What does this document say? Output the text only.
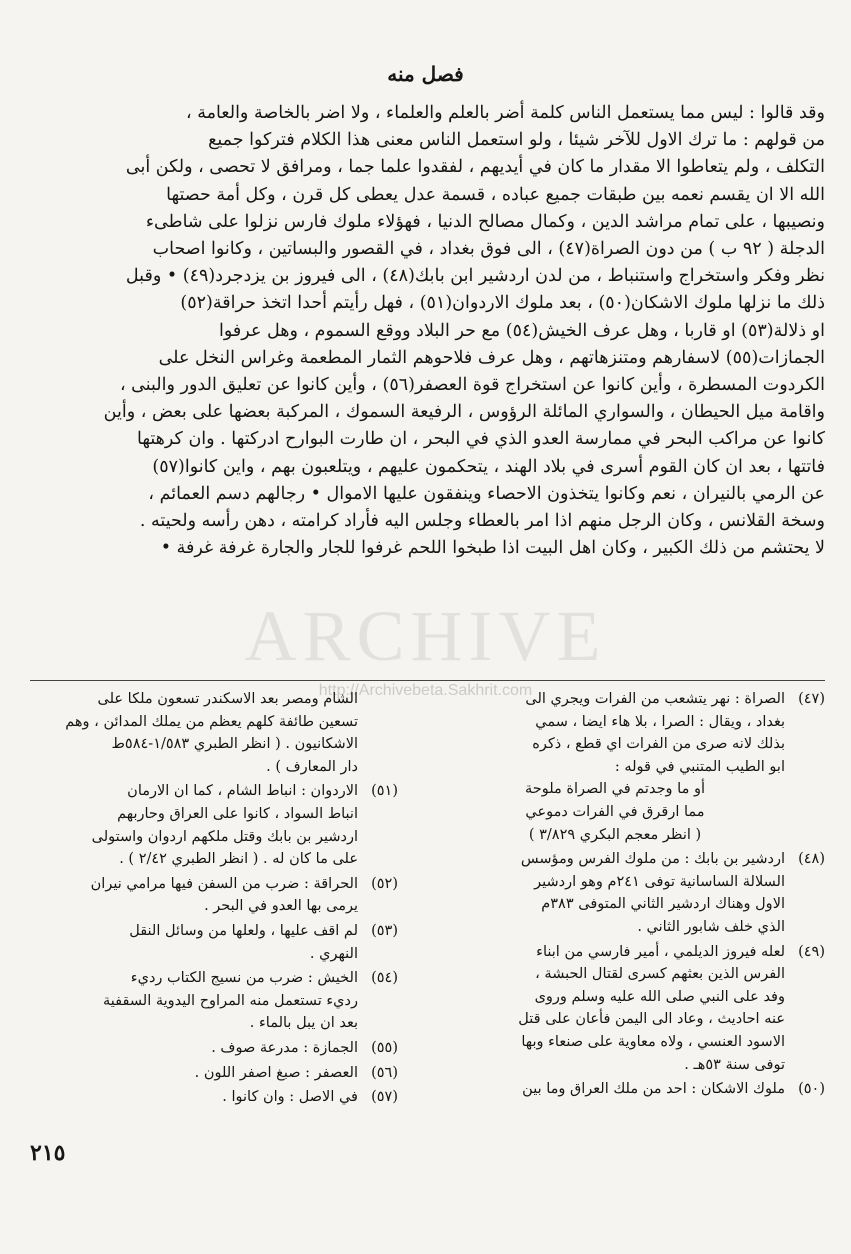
ARCHIVE
http://Archivebeta.Sakhrit.com
فصل منه

وقد قالوا : ليس مما يستعمل الناس كلمة أضر بالعلم والعلماء ، ولا اضر بالخاصة والعامة ،

من قولهم : ما ترك الاول للآخر شيئا ، ولو استعمل الناس معنى هذا الكلام فتركوا جميع

التكلف ، ولم يتعاطوا الا مقدار ما كان في أيديهم ، لفقدوا علما جما ، ومرافق لا تحصى ، ولكن أبى

الله الا ان يقسم نعمه بين طبقات جميع عباده ، قسمة عدل يعطى كل قرن ، وكل أمة حصتها

ونصيبها ، على تمام مراشد الدين ، وكمال مصالح الدنيا ، فهؤلاء ملوك فارس نزلوا على شاطىء

الدجلة ( ٩٢ ب ) من دون الصراة(٤٧) ، الى فوق بغداد ، في القصور والبساتين ، وكانوا اصحاب

نظر وفكر واستخراج واستنباط ، من لدن اردشير ابن بابك(٤٨) ، الى فيروز بن يزدجرد(٤٩) • وقبل

ذلك ما نزلها ملوك الاشكان(٥٠) ، بعد ملوك الاردوان(٥١) ، فهل رأيتم أحدا اتخذ حراقة(٥٢)

او ذلالة(٥٣) او قاربا ، وهل عرف الخيش(٥٤) مع حر البلاد ووقع السموم ، وهل عرفوا

الجمازات(٥٥) لاسفارهم ومتنزهاتهم ، وهل عرف فلاحوهم الثمار المطعمة وغراس النخل على

الكردوت المسطرة ، وأين كانوا عن استخراج قوة العصفر(٥٦) ، وأين كانوا عن تعليق الدور والبنى ،

واقامة ميل الحيطان ، والسواري المائلة الرؤوس ، الرفيعة السموك ، المركبة بعضها على بعض ، وأين

كانوا عن مراكب البحر في ممارسة العدو الذي في البحر ، ان طارت البوارح ادركتها . وان كرهتها

فاتتها ، بعد ان كان القوم أسرى في بلاد الهند ، يتحكمون عليهم ، ويتلعبون بهم ، واين كانوا(٥٧)

عن الرمي بالنيران ، نعم وكانوا يتخذون الاحصاء وينفقون عليها الاموال • رجالهم دسم العمائم ،

وسخة القلانس ، وكان الرجل منهم اذا امر بالعطاء وجلس اليه فأراد كرامته ، دهن رأسه ولحيته .

لا يحتشم من ذلك الكبير ، وكان اهل البيت اذا طبخوا اللحم غرفوا للجار والجارة غرفة غرفة •

(٤٧)
الصراة : نهر يتشعب من الفرات ويجري الى
بغداد ، ويقال : الصرا ، بلا هاء ايضا ، سمي
بذلك لانه صرى من الفرات اي قطع ، ذكره
ابو الطيب المتنبي في قوله :
أو ما وجدتم في الصراة ملوحة
مما ارقرق في الفرات دموعي
( انظر معجم البكري ٣/٨٢٩ )
(٤٨)
اردشير بن بابك : من ملوك الفرس ومؤسس
السلالة الساسانية توفى ٢٤١م وهو اردشير
الاول وهناك اردشير الثاني المتوفى ٣٨٣م
الذي خلف شابور الثاني .
(٤٩)
لعله فيروز الديلمي ، أمير فارسي من ابناء
الفرس الذين بعثهم كسرى لقتال الحبشة ،
وفد على النبي صلى الله عليه وسلم وروى
عنه احاديث ، وعاد الى اليمن فأعان على قتل
الاسود العنسي ، ولاه معاوية على صنعاء وبها
توفى سنة ٥٣هـ .
(٥٠)
ملوك الاشكان : احد من ملك العراق وما بين
الشام ومصر بعد الاسكندر تسعون ملكا على
تسعين طائفة كلهم يعظم من يملك المدائن ، وهم
الاشكانيون . ( انظر الطبري ١/٥٨٣-٥٨٤ط
دار المعارف ) .
(٥١)
الاردوان : انباط الشام ، كما ان الارمان
انباط السواد ، كانوا على العراق وحاربهم
اردشير بن بابك وقتل ملكهم اردوان واستولى
على ما كان له . ( انظر الطبري ٢/٤٢ ) .
(٥٢)
الحراقة : ضرب من السفن فيها مرامي نيران
يرمى بها العدو في البحر .
(٥٣)
لم اقف عليها ، ولعلها من وسائل النقل
النهري .
(٥٤)
الخيش : ضرب من نسيج الكتاب رديء
رديء تستعمل منه المراوح اليدوية السقفية
بعد ان يبل بالماء .
(٥٥)
الجمازة : مدرعة صوف .
(٥٦)
العصفر : صبغ اصفر اللون .
(٥٧)
في الاصل : وان كانوا .
٢١٥
